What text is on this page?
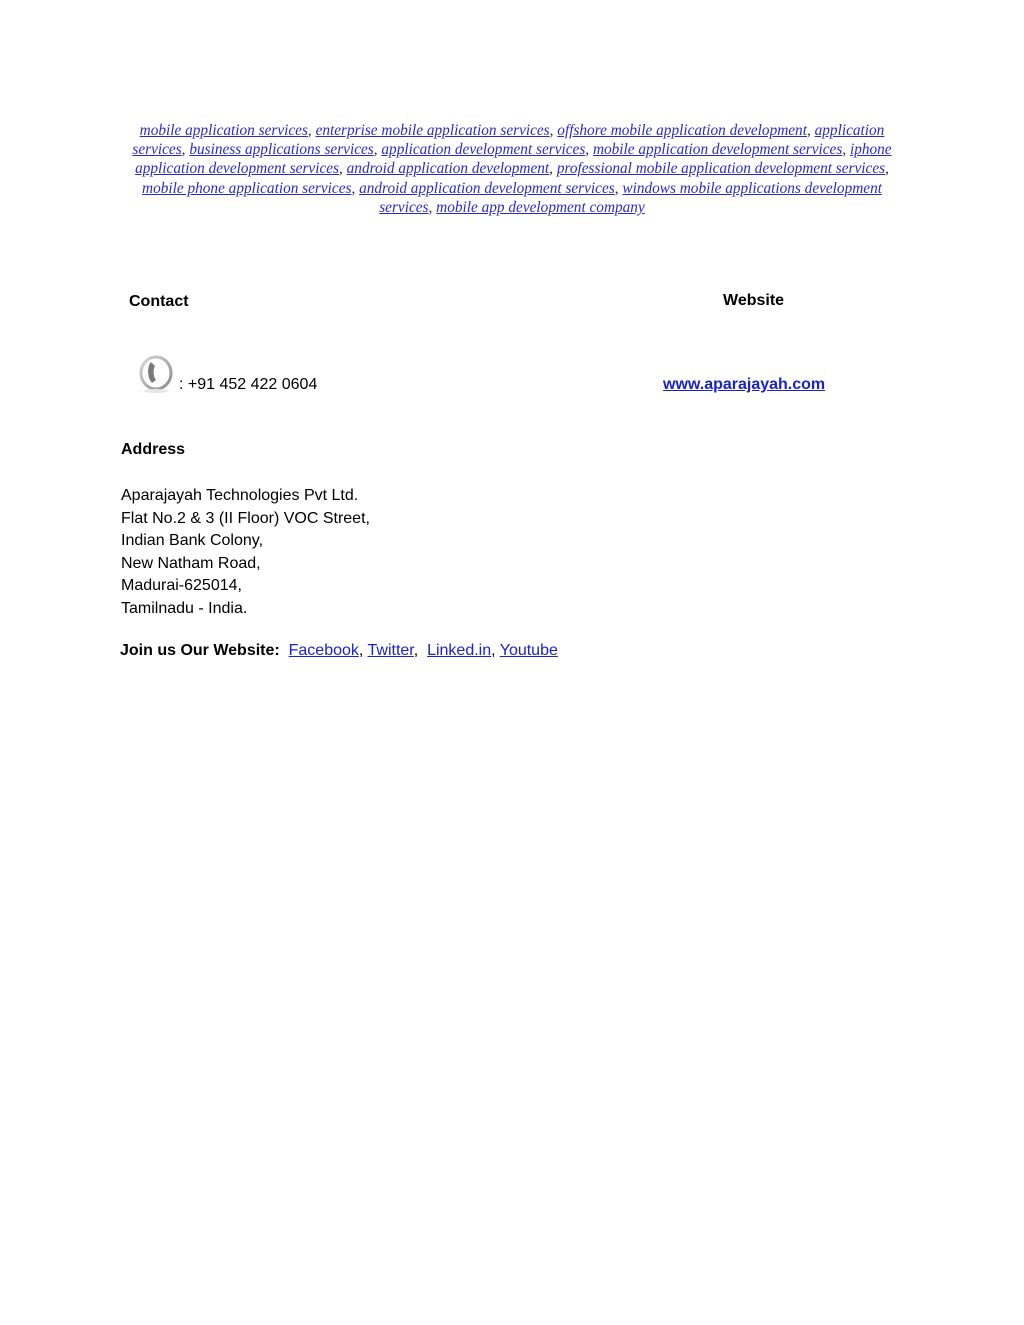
mobile application services, enterprise mobile application services, offshore mobile application development, application services, business applications services, application development services, mobile application development services, iphone application development services, android application development, professional mobile application development services, mobile phone application services, android application development services, windows mobile applications development services, mobile app development company
Contact	Website
: +91 452 422 0604	www.aparajayah.com
Address
Aparajayah Technologies Pvt Ltd.
Flat No.2 & 3 (II Floor) VOC Street,
Indian Bank Colony,
New Natham Road,
Madurai-625014,
Tamilnadu - India.
Join us Our Website: Facebook, Twitter,  Linked.in, Youtube
